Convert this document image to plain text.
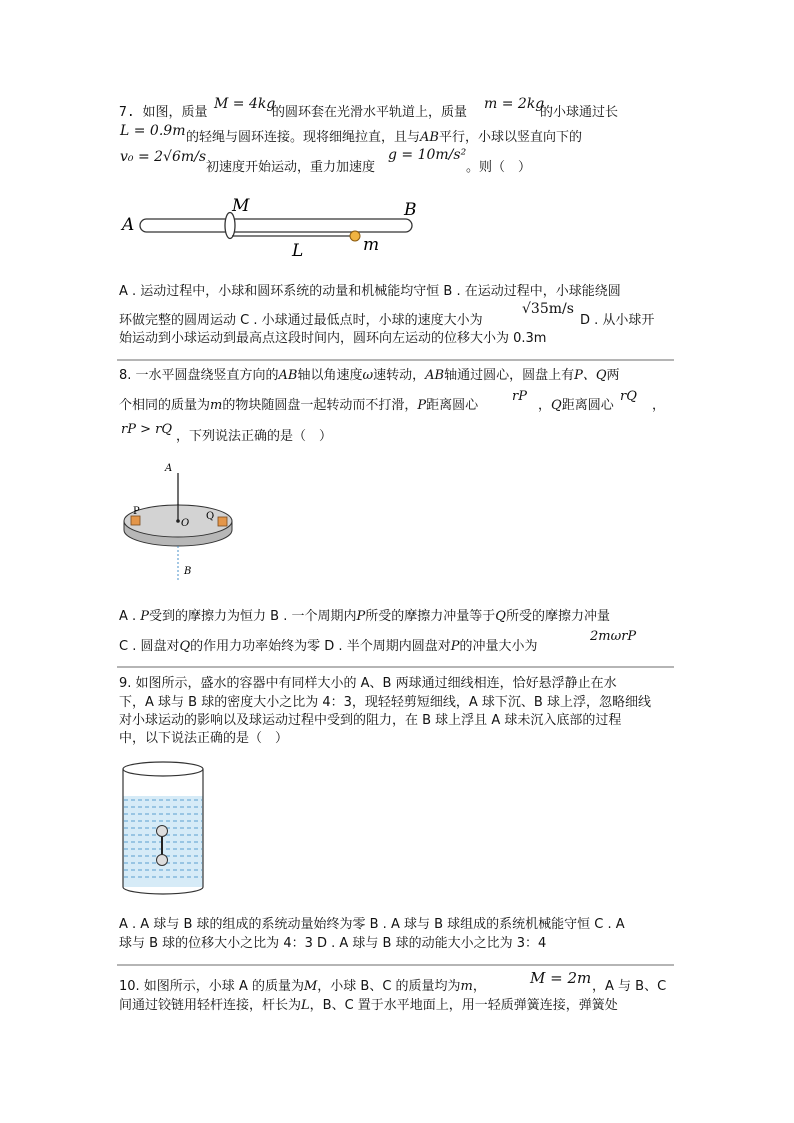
7. 如图，质量
M = 4kg
的圆环套在光滑水平轨道上，质量
m = 2kg
的小球通过长
L = 0.9m 的轻绳与圆环连接。现将细绳拉直，且与AB平行，小球以竖直向下的
v₀ = 2√6m/s
初速度开始运动，重力加速度
g = 10m/s²
。则（　）
A
M	B
L	m
A . 运动过程中，小球和圆环系统的动量和机械能均守恒 B . 在运动过程中，小球能绕圆
环做完整的圆周运动 C . 小球通过最低点时，小球的速度大小为
√35m/s
D . 从小球开
始运动到小球运动到最高点这段时间内，圆环向左运动的位移大小为 0.3m
8. 一水平圆盘绕竖直方向的AB轴以角速度ω速转动，AB轴通过圆心，圆盘上有P、Q两
个相同的质量为m的物块随圆盘一起转动而不打滑，P距离圆心
rP
，Q距离圆心
rQ
，
rP > rQ ，下列说法正确的是（　）
A
O
P	Q
B
A . P受到的摩擦力为恒力 B . 一个周期内P所受的摩擦力冲量等于Q所受的摩擦力冲量
C . 圆盘对Q的作用力功率始终为零 D . 半个周期内圆盘对P的冲量大小为
2mωrP
9. 如图所示，盛水的容器中有同样大小的 A、B 两球通过细线相连，恰好悬浮静止在水
下，A 球与 B 球的密度大小之比为 4：3，现轻轻剪短细线，A 球下沉、B 球上浮，忽略细线
对小球运动的影响以及球运动过程中受到的阻力，在 B 球上浮且 A 球未沉入底部的过程
中，以下说法正确的是（　）
A . A 球与 B 球的组成的系统动量始终为零 B . A 球与 B 球组成的系统机械能守恒 C . A
球与 B 球的位移大小之比为 4：3 D . A 球与 B 球的动能大小之比为 3：4
10. 如图所示，小球 A 的质量为M，小球 B、C 的质量均为m，	M = 2m ，A 与 B、C
间通过铰链用轻杆连接，杆长为L，B、C 置于水平地面上，用一轻质弹簧连接，弹簧处
